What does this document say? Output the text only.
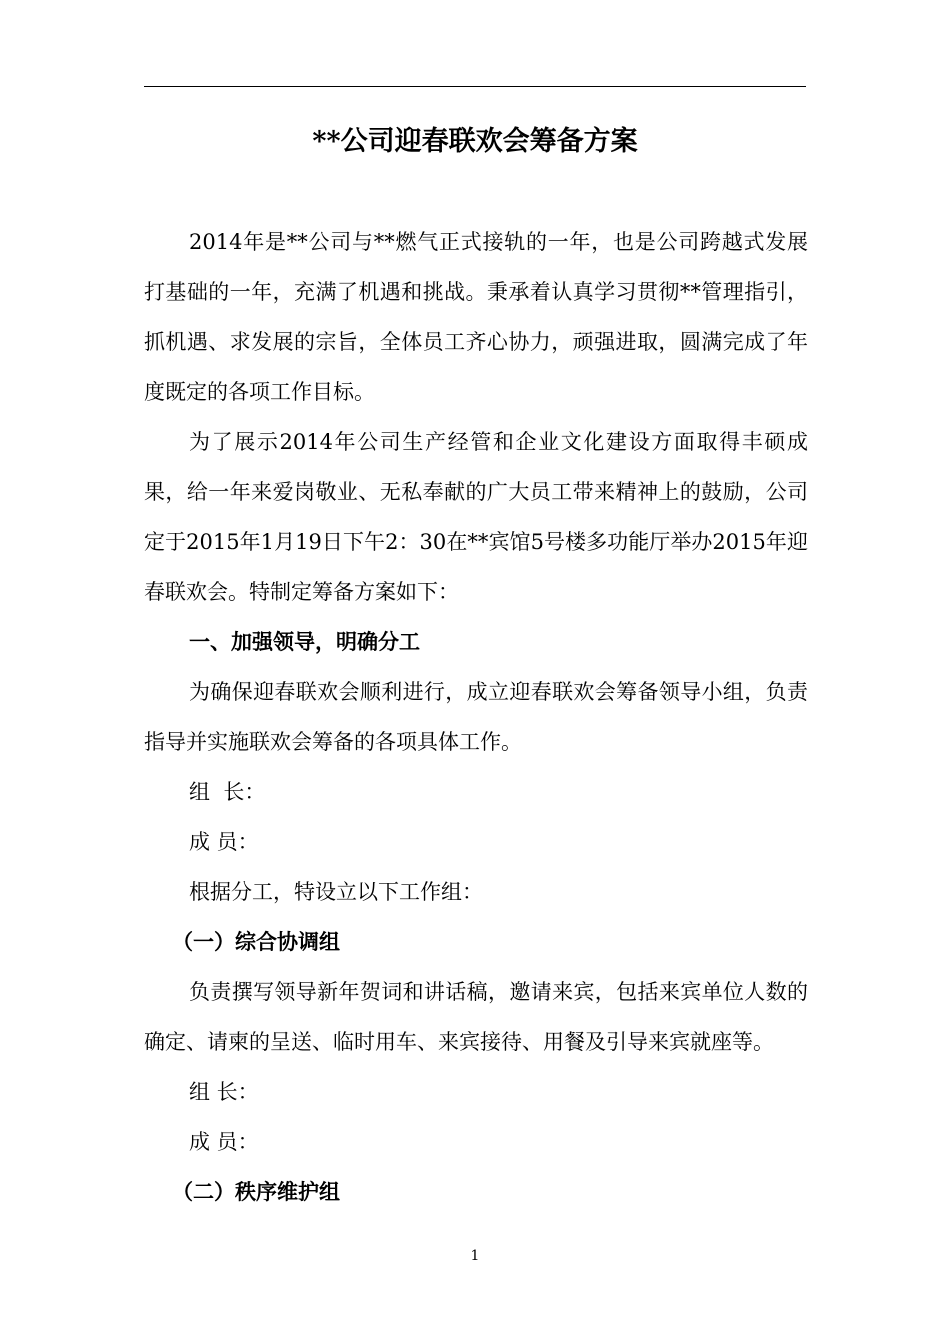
**公司迎春联欢会筹备方案

2014年是**公司与**燃气正式接轨的一年，也是公司跨越式发展打基础的一年，充满了机遇和挑战。秉承着认真学习贯彻**管理指引，抓机遇、求发展的宗旨，全体员工齐心协力，顽强进取，圆满完成了年度既定的各项工作目标。

为了展示2014年公司生产经管和企业文化建设方面取得丰硕成果，给一年来爱岗敬业、无私奉献的广大员工带来精神上的鼓励，公司定于2015年1月19日下午2：30在**宾馆5号楼多功能厅举办2015年迎春联欢会。特制定筹备方案如下：

一、加强领导，明确分工

为确保迎春联欢会顺利进行，成立迎春联欢会筹备领导小组，负责指导并实施联欢会筹备的各项具体工作。

组  长：

成 员：

根据分工，特设立以下工作组：

（一）综合协调组

负责撰写领导新年贺词和讲话稿，邀请来宾，包括来宾单位人数的确定、请柬的呈送、临时用车、来宾接待、用餐及引导来宾就座等。

组 长：

成 员：

（二）秩序维护组

1
